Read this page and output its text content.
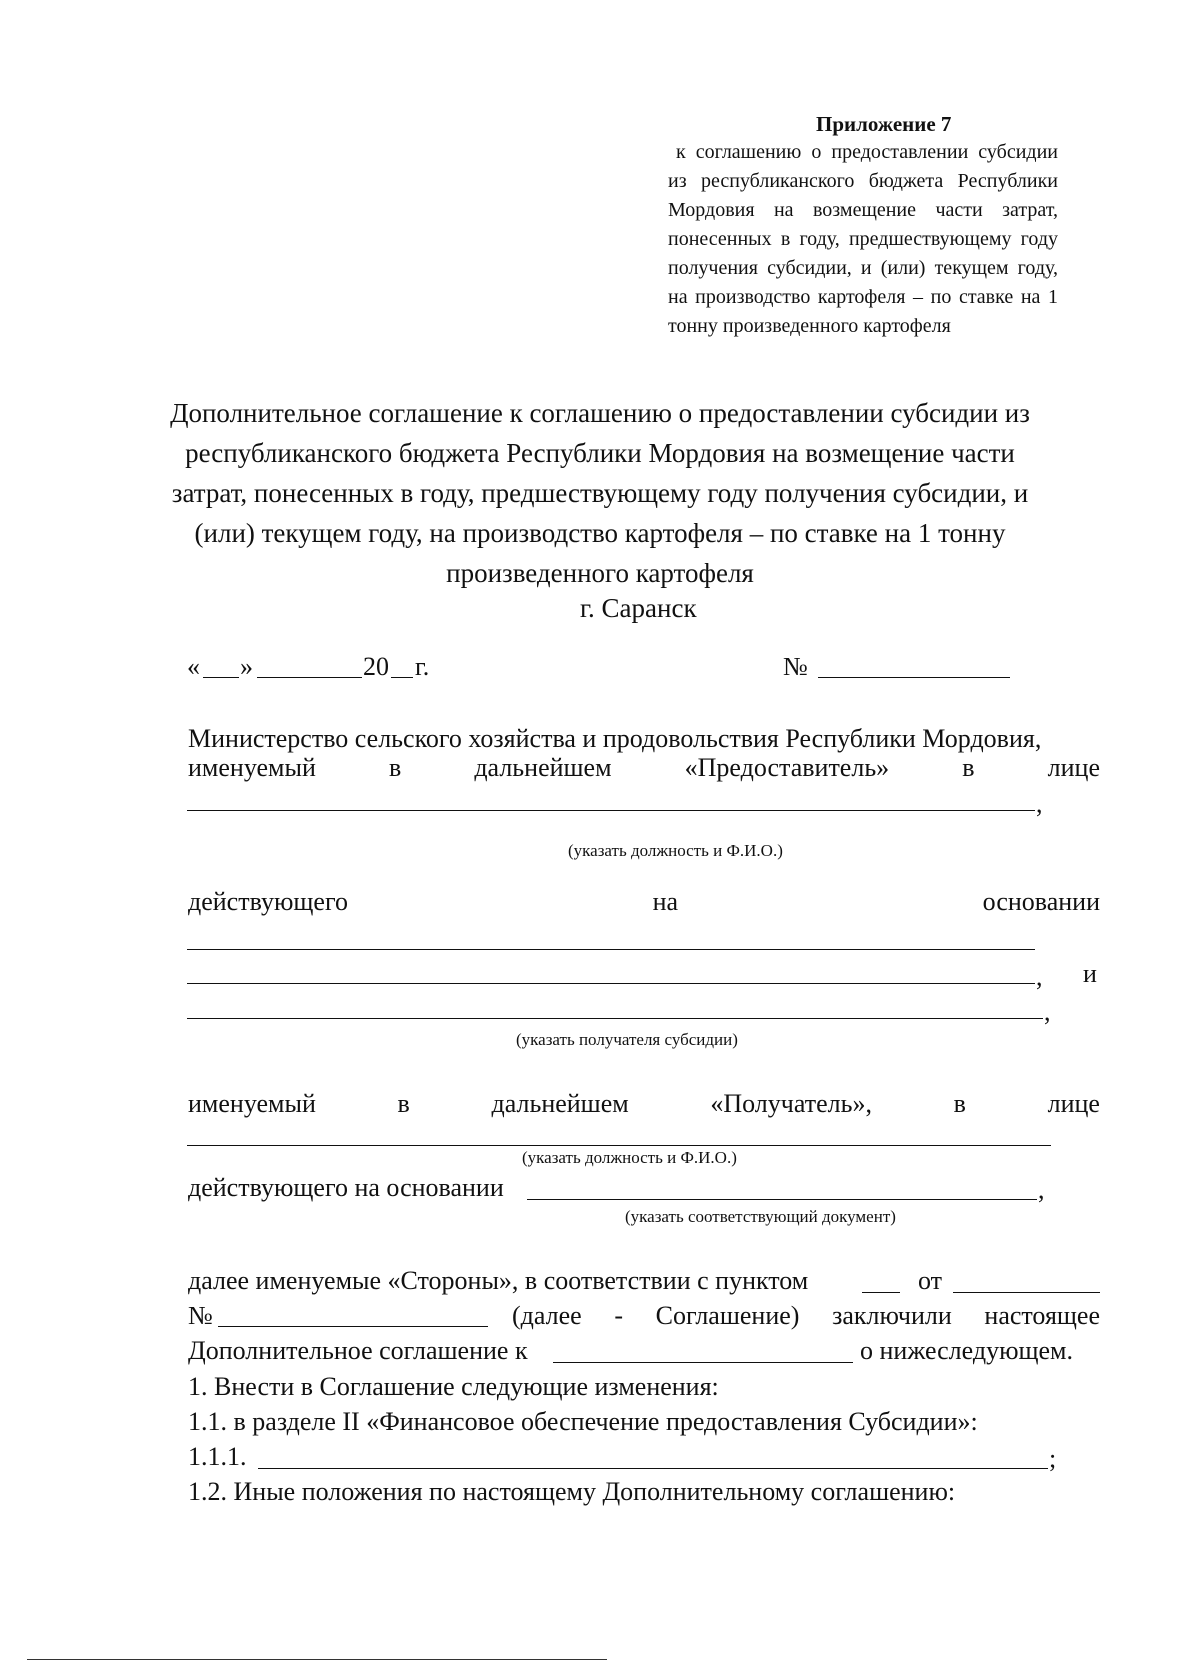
Приложение 7
к соглашению о предоставлении субсидии
из республиканского бюджета Республики
Мордовия на возмещение части затрат,
понесенных в году, предшествующему году
получения субсидии, и (или) текущем году,
на производство картофеля – по ставке на 1
тонну произведенного картофеля
Дополнительное соглашение к соглашению о предоставлении субсидии из
республиканского бюджета Республики Мордовия на возмещение части
затрат, понесенных в году, предшествующему году получения субсидии, и
(или) текущем году, на производство картофеля – по ставке на 1 тонну
произведенного картофеля
г. Саранск
« »	20 г.	№
Министерство сельского хозяйства и продовольствия Республики Мордовия,
именуемый	в	дальнейшем	«Предоставитель»	в	лице
,
(указать должность и Ф.И.О.)
действующего	на	основании
, и
,
(указать получателя субсидии)
именуемый	в	дальнейшем	«Получатель»,	в	лице
(указать должность и Ф.И.О.)
действующего на основании	,
(указать соответствующий документ)
далее именуемые «Стороны», в соответствии с пунктом	от
№	(далее - Соглашение) заключили настоящее
Дополнительное соглашение к	о нижеследующем.
1. Внести в Соглашение следующие изменения:
1.1. в разделе II «Финансовое обеспечение предоставления Субсидии»:
1.1.1.	;
1.2. Иные положения по настоящему Дополнительному соглашению:
